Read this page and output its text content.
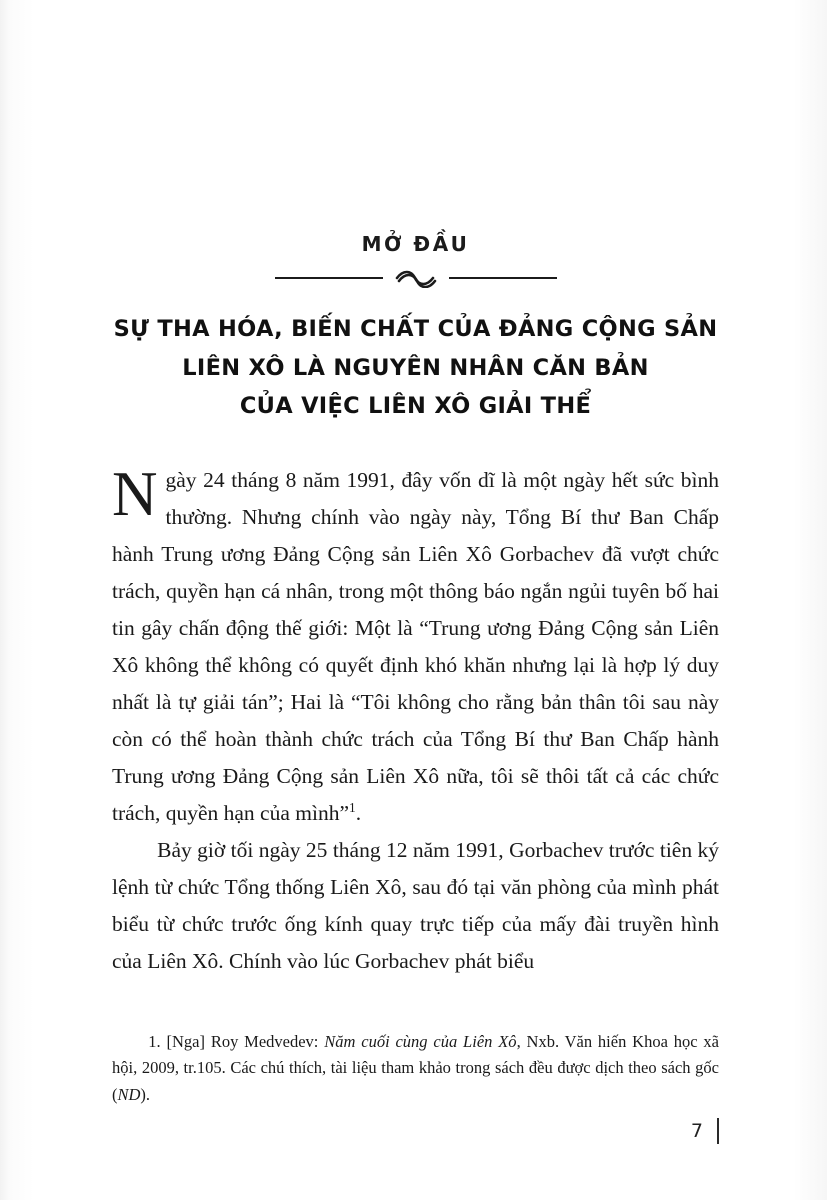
MỞ ĐẦU
SỰ THA HÓA, BIẾN CHẤT CỦA ĐẢNG CỘNG SẢN
LIÊN XÔ LÀ NGUYÊN NHÂN CĂN BẢN
CỦA VIỆC LIÊN XÔ GIẢI THỂ

Ngày 24 tháng 8 năm 1991, đây vốn dĩ là một ngày hết sức bình thường. Nhưng chính vào ngày này, Tổng Bí thư Ban Chấp hành Trung ương Đảng Cộng sản Liên Xô Gorbachev đã vượt chức trách, quyền hạn cá nhân, trong một thông báo ngắn ngủi tuyên bố hai tin gây chấn động thế giới: Một là “Trung ương Đảng Cộng sản Liên Xô không thể không có quyết định khó khăn nhưng lại là hợp lý duy nhất là tự giải tán”; Hai là “Tôi không cho rằng bản thân tôi sau này còn có thể hoàn thành chức trách của Tổng Bí thư Ban Chấp hành Trung ương Đảng Cộng sản Liên Xô nữa, tôi sẽ thôi tất cả các chức trách, quyền hạn của mình”$^1$.

Bảy giờ tối ngày 25 tháng 12 năm 1991, Gorbachev trước tiên ký lệnh từ chức Tổng thống Liên Xô, sau đó tại văn phòng của mình phát biểu từ chức trước ống kính quay trực tiếp của mấy đài truyền hình của Liên Xô. Chính vào lúc Gorbachev phát biểu

1. [Nga] Roy Medvedev: Năm cuối cùng của Liên Xô, Nxb. Văn hiến Khoa học xã hội, 2009, tr.105. Các chú thích, tài liệu tham khảo trong sách đều được dịch theo sách gốc (ND).

7
